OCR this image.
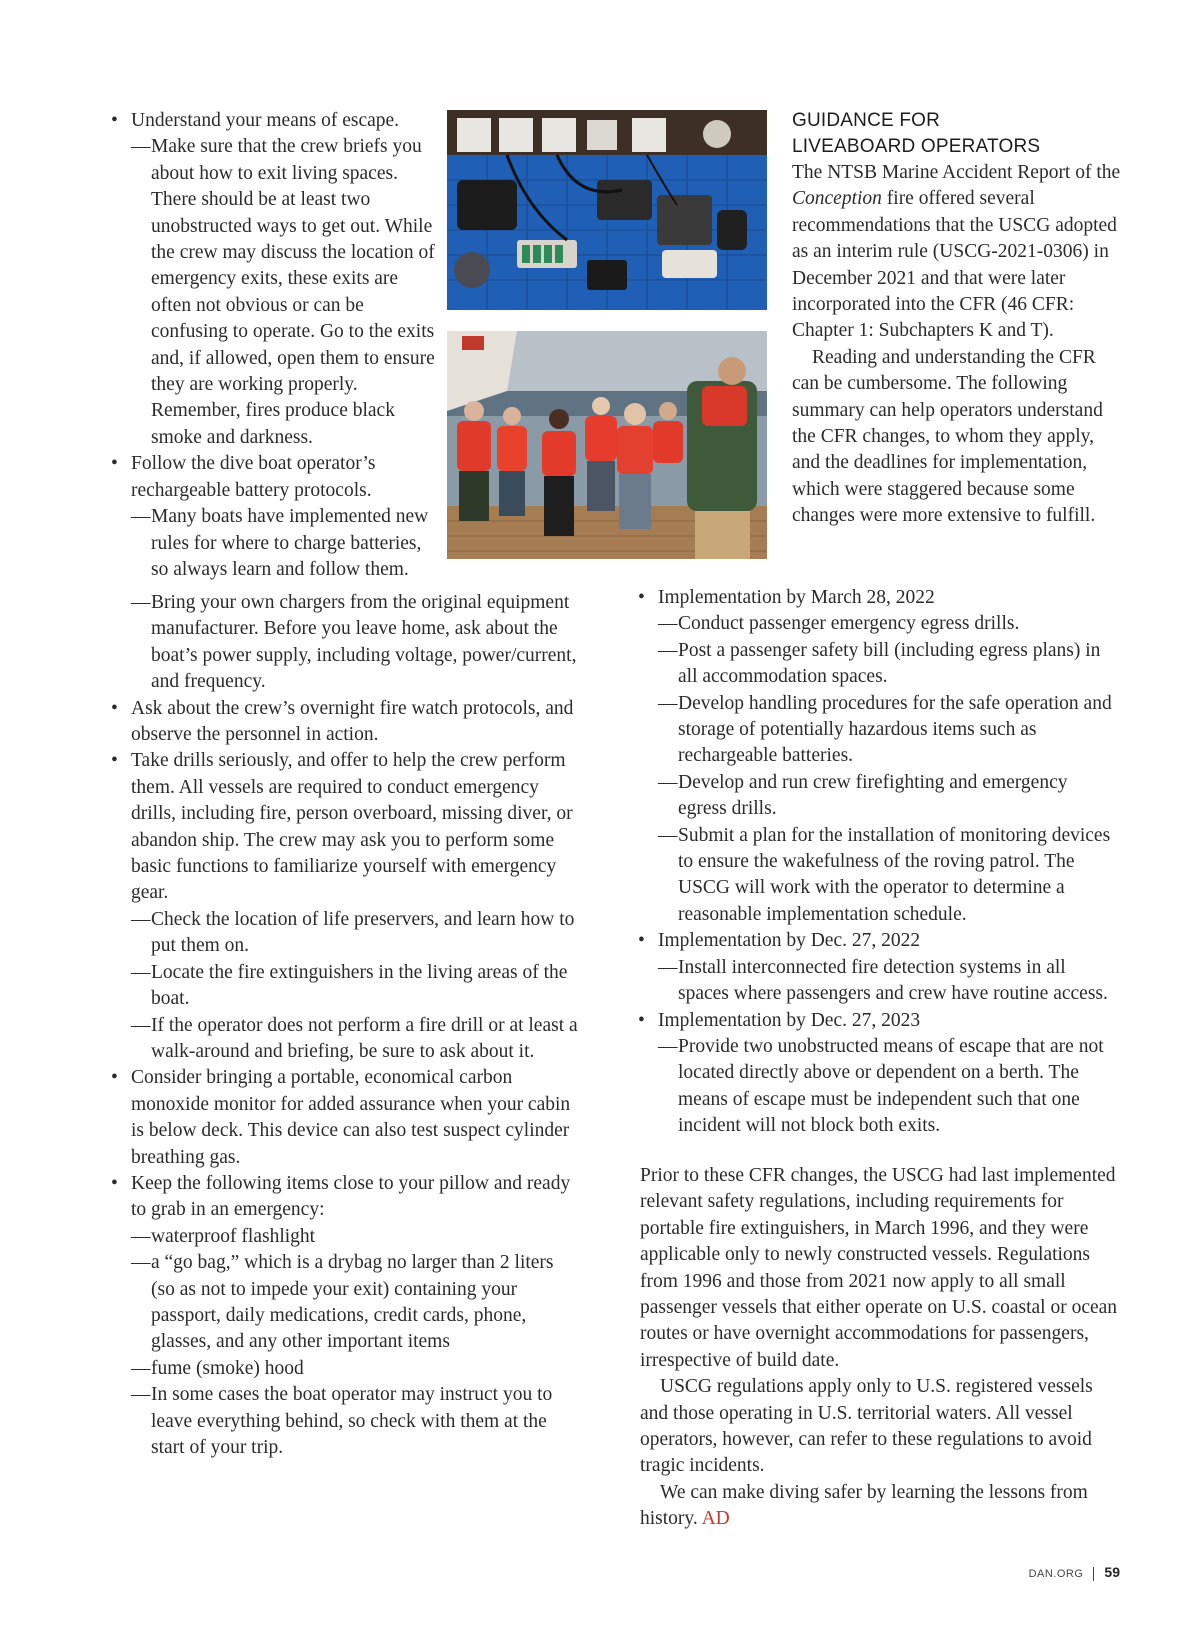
• Understand your means of escape.
— Make sure that the crew briefs you about how to exit living spaces. There should be at least two unobstructed ways to get out. While the crew may discuss the location of emergency exits, these exits are often not obvious or can be confusing to operate. Go to the exits and, if allowed, open them to ensure they are working properly. Remember, fires produce black smoke and darkness.
• Follow the dive boat operator’s rechargeable battery protocols.
— Many boats have implemented new rules for where to charge batteries, so always learn and follow them.
— Bring your own chargers from the original equipment manufacturer. Before you leave home, ask about the boat’s power supply, including voltage, power/current, and frequency.
• Ask about the crew’s overnight fire watch protocols, and observe the personnel in action.
• Take drills seriously, and offer to help the crew perform them. All vessels are required to conduct emergency drills, including fire, person overboard, missing diver, or abandon ship. The crew may ask you to perform some basic functions to familiarize yourself with emergency gear.
— Check the location of life preservers, and learn how to put them on.
— Locate the fire extinguishers in the living areas of the boat.
— If the operator does not perform a fire drill or at least a walk-around and briefing, be sure to ask about it.
• Consider bringing a portable, economical carbon monoxide monitor for added assurance when your cabin is below deck. This device can also test suspect cylinder breathing gas.
• Keep the following items close to your pillow and ready to grab in an emergency:
— waterproof flashlight
— a “go bag,” which is a drybag no larger than 2 liters (so as not to impede your exit) containing your passport, daily medications, credit cards, phone, glasses, and any other important items
— fume (smoke) hood
— In some cases the boat operator may instruct you to leave everything behind, so check with them at the start of your trip.
GUIDANCE FOR
LIVEABOARD OPERATORS
The NTSB Marine Accident Report of the Conception fire offered several recommendations that the USCG adopted as an interim rule (USCG-2021-0306) in December 2021 and that were later incorporated into the CFR (46 CFR: Chapter 1: Subchapters K and T).
Reading and understanding the CFR can be cumbersome. The following summary can help operators understand the CFR changes, to whom they apply, and the deadlines for implementation, which were staggered because some changes were more extensive to fulfill.
• Implementation by March 28, 2022
— Conduct passenger emergency egress drills.
— Post a passenger safety bill (including egress plans) in all accommodation spaces.
— Develop handling procedures for the safe operation and storage of potentially hazardous items such as rechargeable batteries.
— Develop and run crew firefighting and emergency egress drills.
— Submit a plan for the installation of monitoring devices to ensure the wakefulness of the roving patrol. The USCG will work with the operator to determine a reasonable implementation schedule.
• Implementation by Dec. 27, 2022
— Install interconnected fire detection systems in all spaces where passengers and crew have routine access.
• Implementation by Dec. 27, 2023
— Provide two unobstructed means of escape that are not located directly above or dependent on a berth. The means of escape must be independent such that one incident will not block both exits.
Prior to these CFR changes, the USCG had last implemented relevant safety regulations, including requirements for portable fire extinguishers, in March 1996, and they were applicable only to newly constructed vessels. Regulations from 1996 and those from 2021 now apply to all small passenger vessels that either operate on U.S. coastal or ocean routes or have overnight accommodations for passengers, irrespective of build date.
USCG regulations apply only to U.S. registered vessels and those operating in U.S. territorial waters. All vessel operators, however, can refer to these regulations to avoid tragic incidents.
We can make diving safer by learning the lessons from history. AD
DAN.ORG 59
